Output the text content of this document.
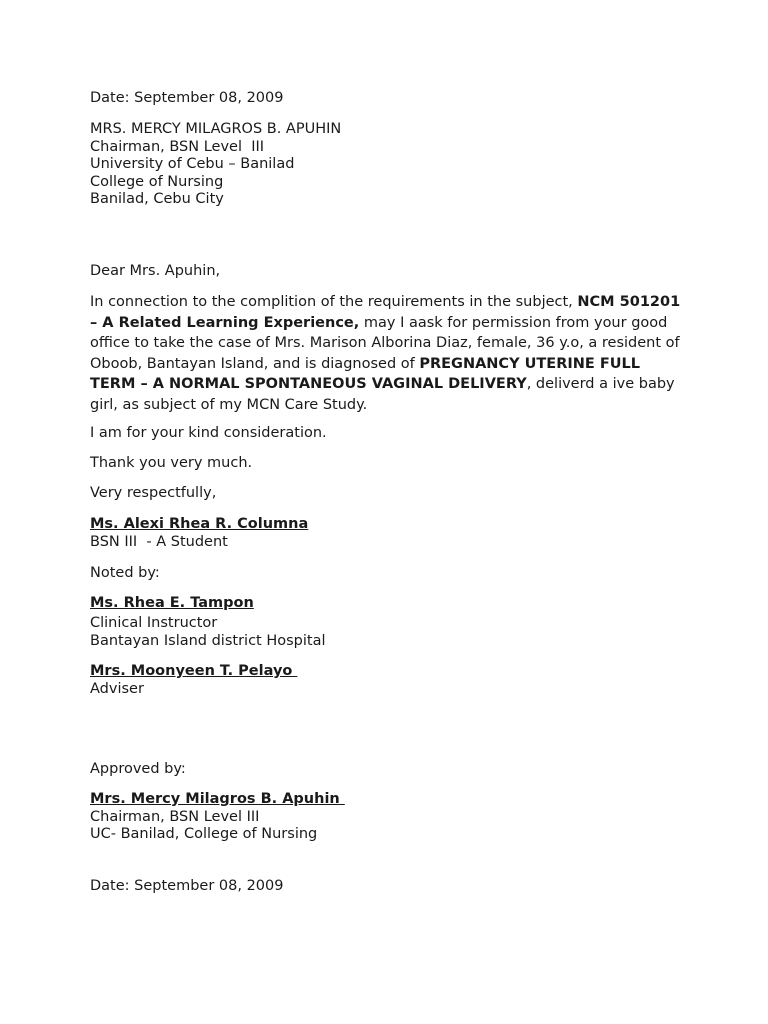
Date: September 08, 2009

MRS. MERCY MILAGROS B. APUHIN

Chairman, BSN Level  III

University of Cebu – Banilad

College of Nursing

Banilad, Cebu City

Dear Mrs. Apuhin,

In connection to the complition of the requirements in the subject, NCM 501201 – A Related Learning Experience, may I aask for permission from your good office to take the case of Mrs. Marison Alborina Diaz, female, 36 y.o, a resident of Oboob, Bantayan Island, and is diagnosed of PREGNANCY UTERINE FULL TERM – A NORMAL SPONTANEOUS VAGINAL DELIVERY, deliverd a ive baby girl, as subject of my MCN Care Study.

I am for your kind consideration.

Thank you very much.

Very respectfully,

Ms. Alexi Rhea R. Columna

BSN III  - A Student

Noted by:

Ms. Rhea E. Tampon

Clinical Instructor

Bantayan Island district Hospital

Mrs. Moonyeen T. Pelayo

Adviser

Approved by:

Mrs. Mercy Milagros B. Apuhin

Chairman, BSN Level III

UC- Banilad, College of Nursing

Date: September 08, 2009
